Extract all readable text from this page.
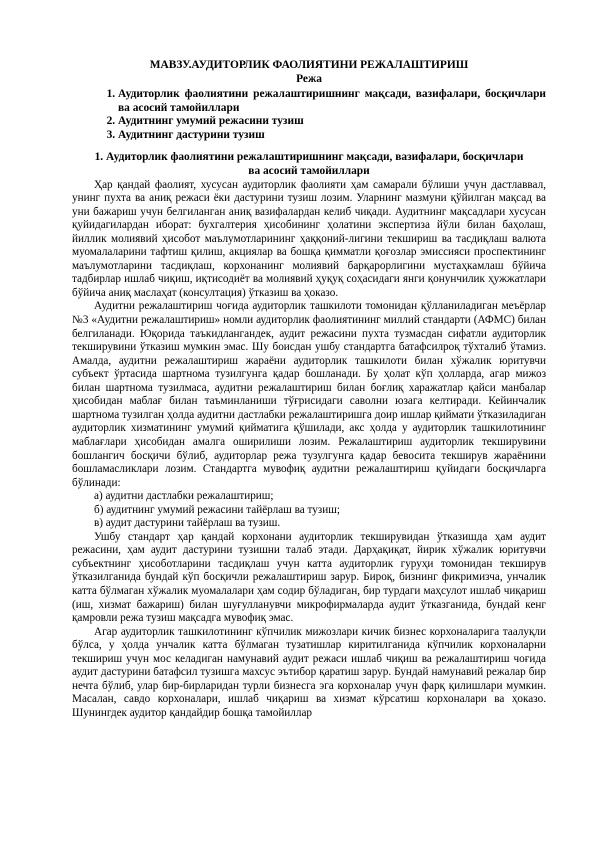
МАВЗУ.АУДИТОРЛИК ФАОЛИЯТИНИ РЕЖАЛАШТИРИШ
Режа
1. Аудиторлик фаолиятини режалаштиришнинг мақсади, вазифалари, босқичлари ва асосий тамойиллари
2. Аудитнинг умумий режасини тузиш
3. Аудитнинг дастурини тузиш
1. Аудиторлик фаолиятини режалаштиришнинг мақсади, вазифалари, босқичлари
ва асосий тамойиллари

Ҳар қандай фаолият, хусусан аудиторлик фаолияти ҳам самарали бўлиши учун дастлаввал, унинг пухта ва аниқ режаси ёки дастурини тузиш лозим. Уларнинг мазмуни қўйилган мақсад ва уни бажариш учун белгиланган аниқ вазифалардан келиб чиқади. Аудитнинг мақсадлари хусусан қуйидагилардан иборат: бухгалтерия ҳисобининг ҳолатини экспертиза йўли билан баҳолаш, йиллик молиявий ҳисобот маълумотларининг ҳаққоний-лигини текшириш ва тасдиқлаш валюта муомалаларини тафтиш қилиш, акциялар ва бошқа қимматли қоғозлар эмиссияси проспектининг маълумотларини тасдиқлаш, корхонанинг молиявий барқарорлигини мустаҳкамлаш бўйича тадбирлар ишлаб чиқиш, иқтисодиёт ва молиявий ҳуқуқ соҳасидаги янги қонунчилик ҳужжатлари бўйича аниқ маслаҳат (консултация) ўтказиш ва ҳоказо.

Аудитни режалаштириш чоғида аудиторлик ташкилоти томонидан қўлланиладиган меъёрлар №3 «Аудитни режалаштириш» номли аудиторлик фаолиятининг миллий стандарти (АФМС) билан белгиланади. Юқорида таъкидлангандек, аудит режасини пухта тузмасдан сифатли аудиторлик текширувини ўтказиш мумкин эмас. Шу боисдан ушбу стандартга батафсилроқ тўхталиб ўтамиз. Амалда, аудитни режалаштириш жараёни аудиторлик ташкилоти билан хўжалик юритувчи субъект ўртасида шартнома тузилгунга қадар бошланади. Бу ҳолат кўп ҳолларда, агар мижоз билан шартнома тузилмаса, аудитни режалаштириш билан боғлиқ харажатлар қайси манбалар ҳисобидан маблағ билан таъминланиши тўғрисидаги саволни юзага келтиради. Кейинчалик шартнома тузилган ҳолда аудитни дастлабки режалаштиришга доир ишлар қиймати ўтказиладиган аудиторлик хизматининг умумий қийматига қўшилади, акс ҳолда у аудиторлик ташкилотининг маблағлари ҳисобидан амалга оширилиши лозим. Режалаштириш аудиторлик текширувини бошлангич босқичи бўлиб, аудиторлар режа тузулгунга қадар бевосита текширув жараёнини бошламасликлари лозим. Стандартга мувофиқ аудитни режалаштириш қуйидаги босқичларга бўлинади:

а) аудитни дастлабки режалаштириш;
б) аудитнинг умумий режасини тайёрлаш ва тузиш;
в) аудит дастурини тайёрлаш ва тузиш.

Ушбу стандарт ҳар қандай корхонани аудиторлик текширувидан ўтказишда ҳам аудит режасини, ҳам аудит дастурини тузишни талаб этади. Дарҳақиқат, йирик хўжалик юритувчи субъектнинг ҳисоботларини тасдиқлаш учун катта аудиторлик гуруҳи томонидан текширув ўтказилганида бундай кўп босқичли режалаштириш зарур. Бироқ, бизнинг фикримизча, унчалик катта бўлмаган хўжалик муомалалари ҳам содир бўладиган, бир турдаги маҳсулот ишлаб чиқариш (иш, хизмат бажариш) билан шуғулланувчи микрофирмаларда аудит ўтказганида, бундай кенг қамровли режа тузиш мақсадга мувофиқ эмас.

Агар аудиторлик ташкилотининг кўпчилик мижозлари кичик бизнес корхоналарига таалуқли бўлса, у ҳолда унчалик катта бўлмаган тузатишлар киритилганида кўпчилик корхоналарни текшириш учун мос келадиган намунавий аудит режаси ишлаб чиқиш ва режалаштириш чоғида аудит дастурини батафсил тузишга махсус эътибор қаратиш зарур. Бундай намунавий режалар бир нечта бўлиб, улар бир-бирларидан турли бизнесга эга корхоналар учун фарқ қилишлари мумкин. Масалан, савдо корхоналари, ишлаб чиқариш ва хизмат кўрсатиш корхоналари ва ҳоказо. Шунингдек аудитор қандайдир бошқа тамойиллар
